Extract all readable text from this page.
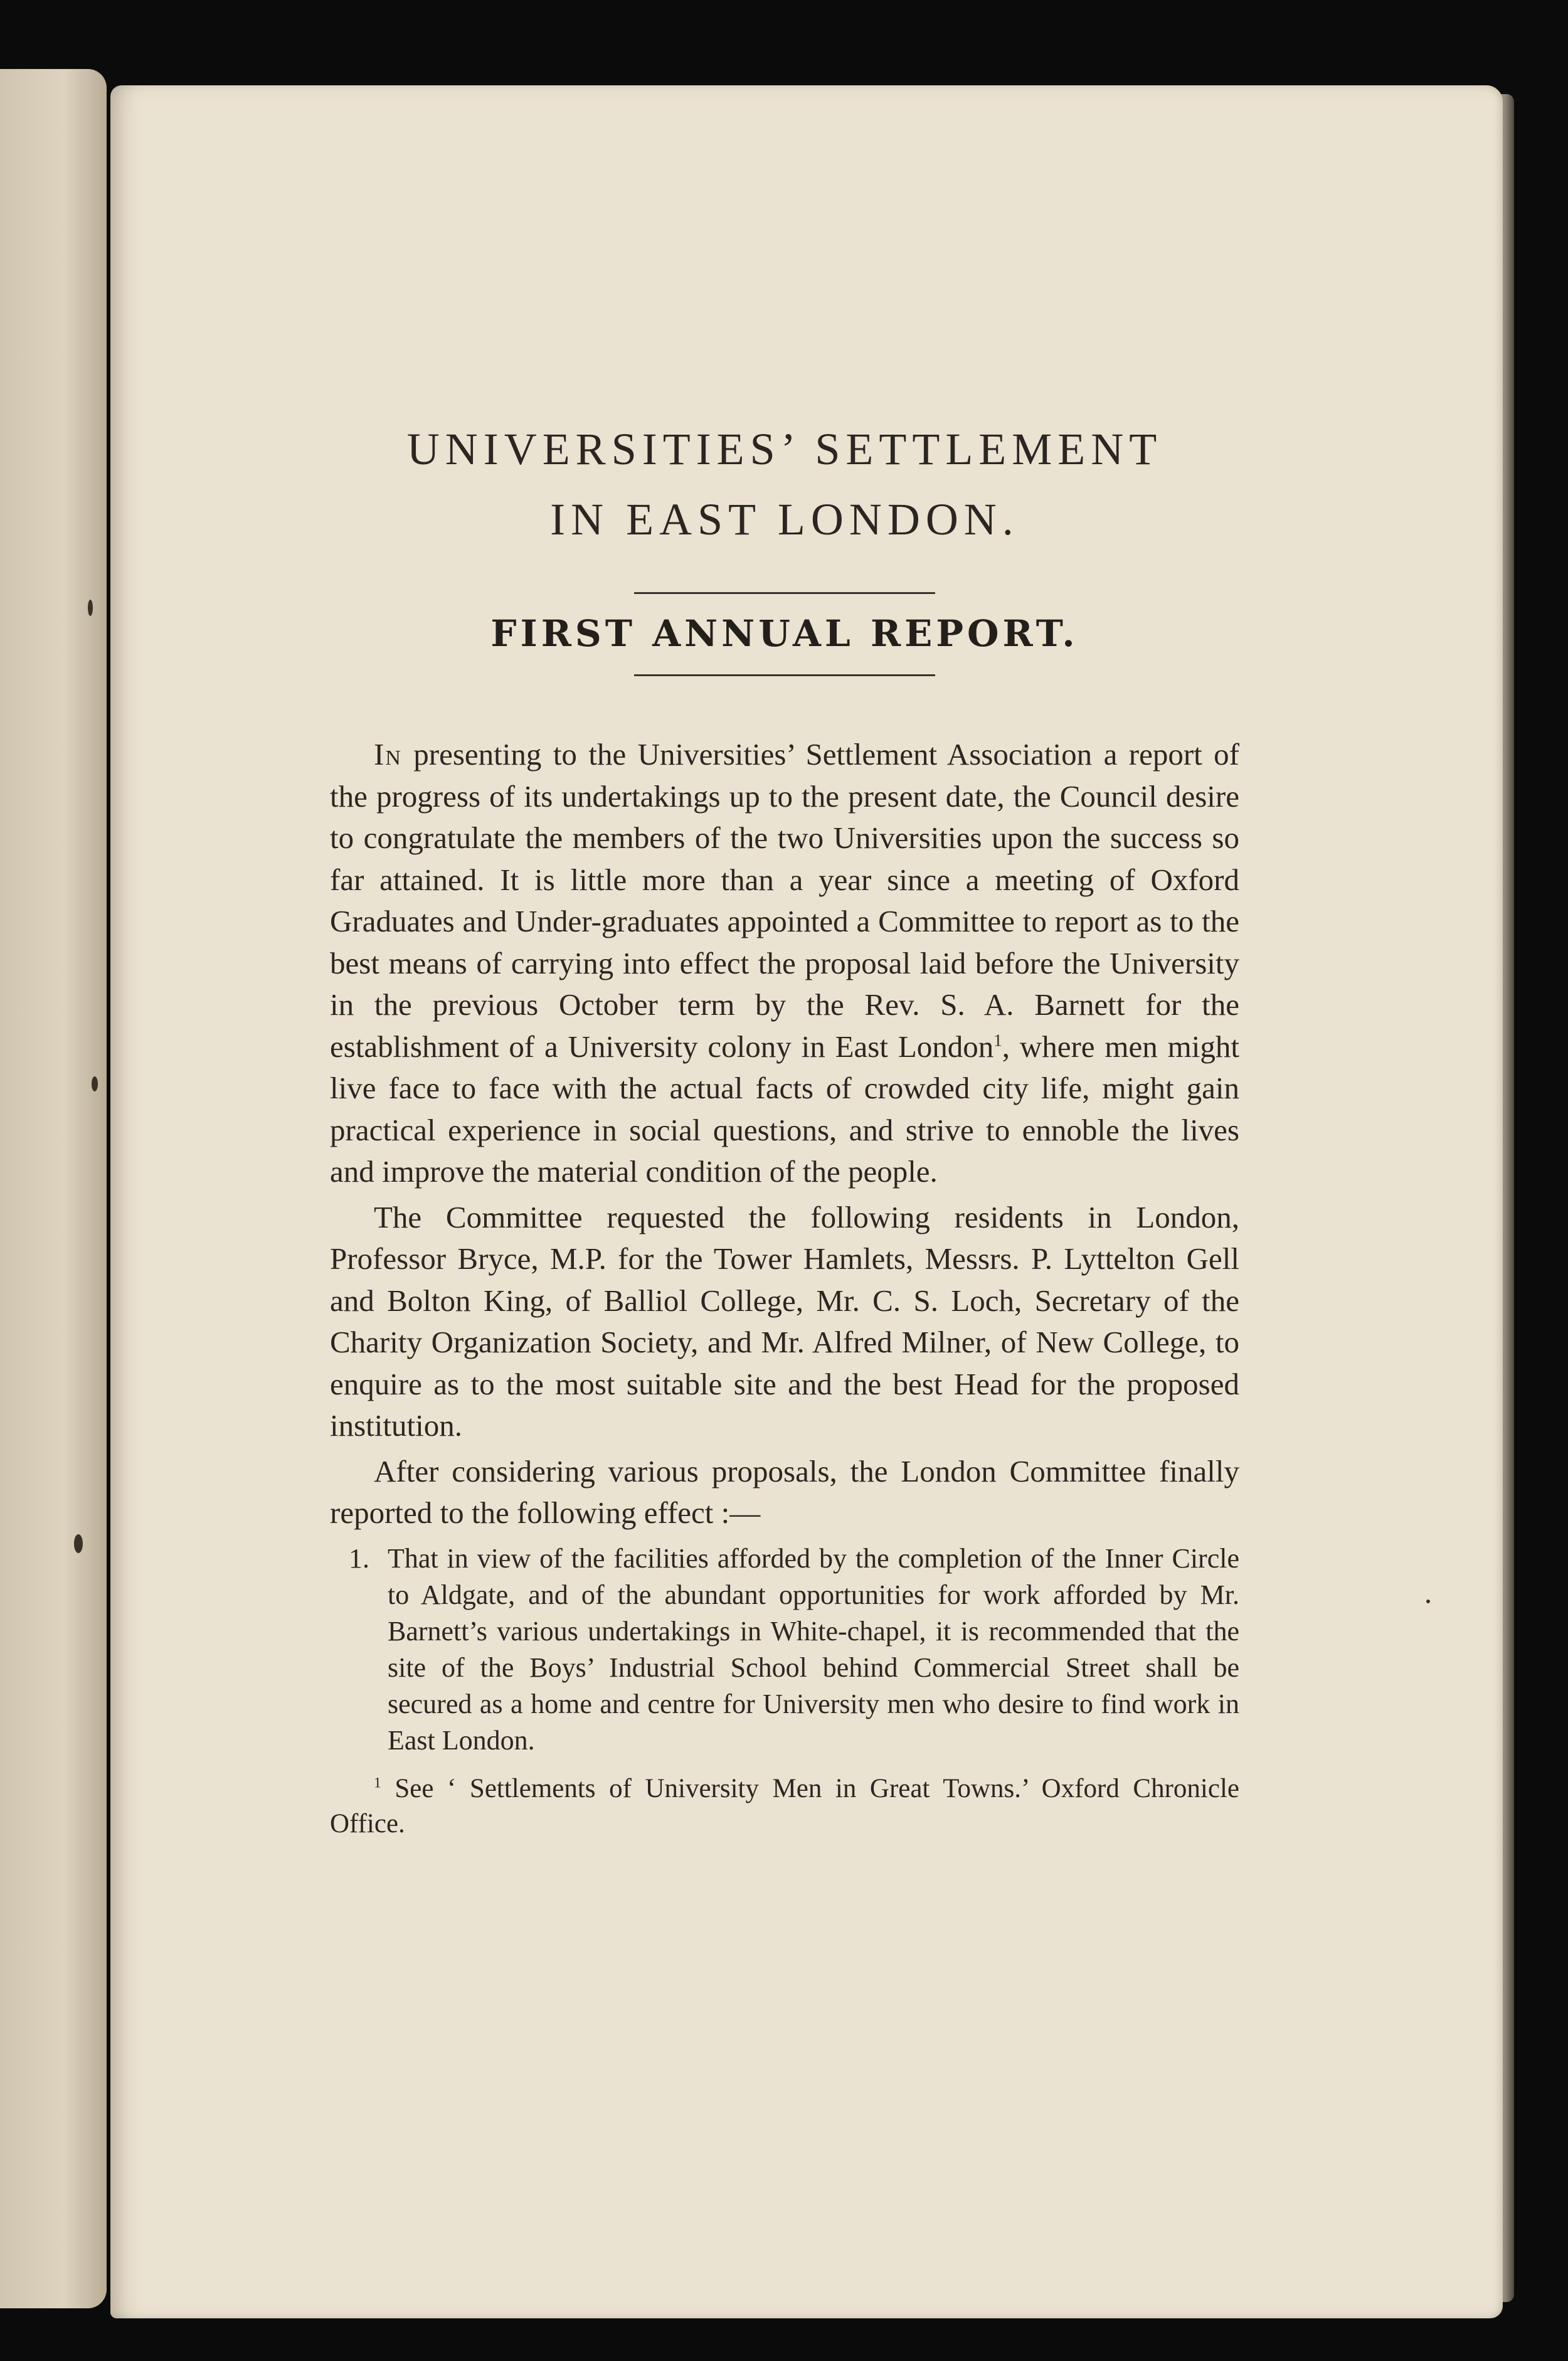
UNIVERSITIES’ SETTLEMENT
IN EAST LONDON.
FIRST ANNUAL REPORT.

In presenting to the Universities’ Settlement Association a report of the progress of its undertakings up to the present date, the Council desire to congratulate the members of the two Universities upon the success so far attained. It is little more than a year since a meeting of Oxford Graduates and Under-graduates appointed a Committee to report as to the best means of carrying into effect the proposal laid before the University in the previous October term by the Rev. S. A. Barnett for the establishment of a University colony in East London$^1$, where men might live face to face with the actual facts of crowded city life, might gain practical experience in social questions, and strive to ennoble the lives and improve the material condition of the people.

The Committee requested the following residents in London, Professor Bryce, M.P. for the Tower Hamlets, Messrs. P. Lyttelton Gell and Bolton King, of Balliol College, Mr. C. S. Loch, Secretary of the Charity Organization Society, and Mr. Alfred Milner, of New College, to enquire as to the most suitable site and the best Head for the proposed institution.

After considering various proposals, the London Committee finally reported to the following effect :—

1. That in view of the facilities afforded by the completion of the Inner Circle to Aldgate, and of the abundant opportunities for work afforded by Mr. Barnett’s various undertakings in White-chapel, it is recommended that the site of the Boys’ Industrial School behind Commercial Street shall be secured as a home and centre for University men who desire to find work in East London.
$^1$ See ‘ Settlements of University Men in Great Towns.’ Oxford Chronicle Office.
